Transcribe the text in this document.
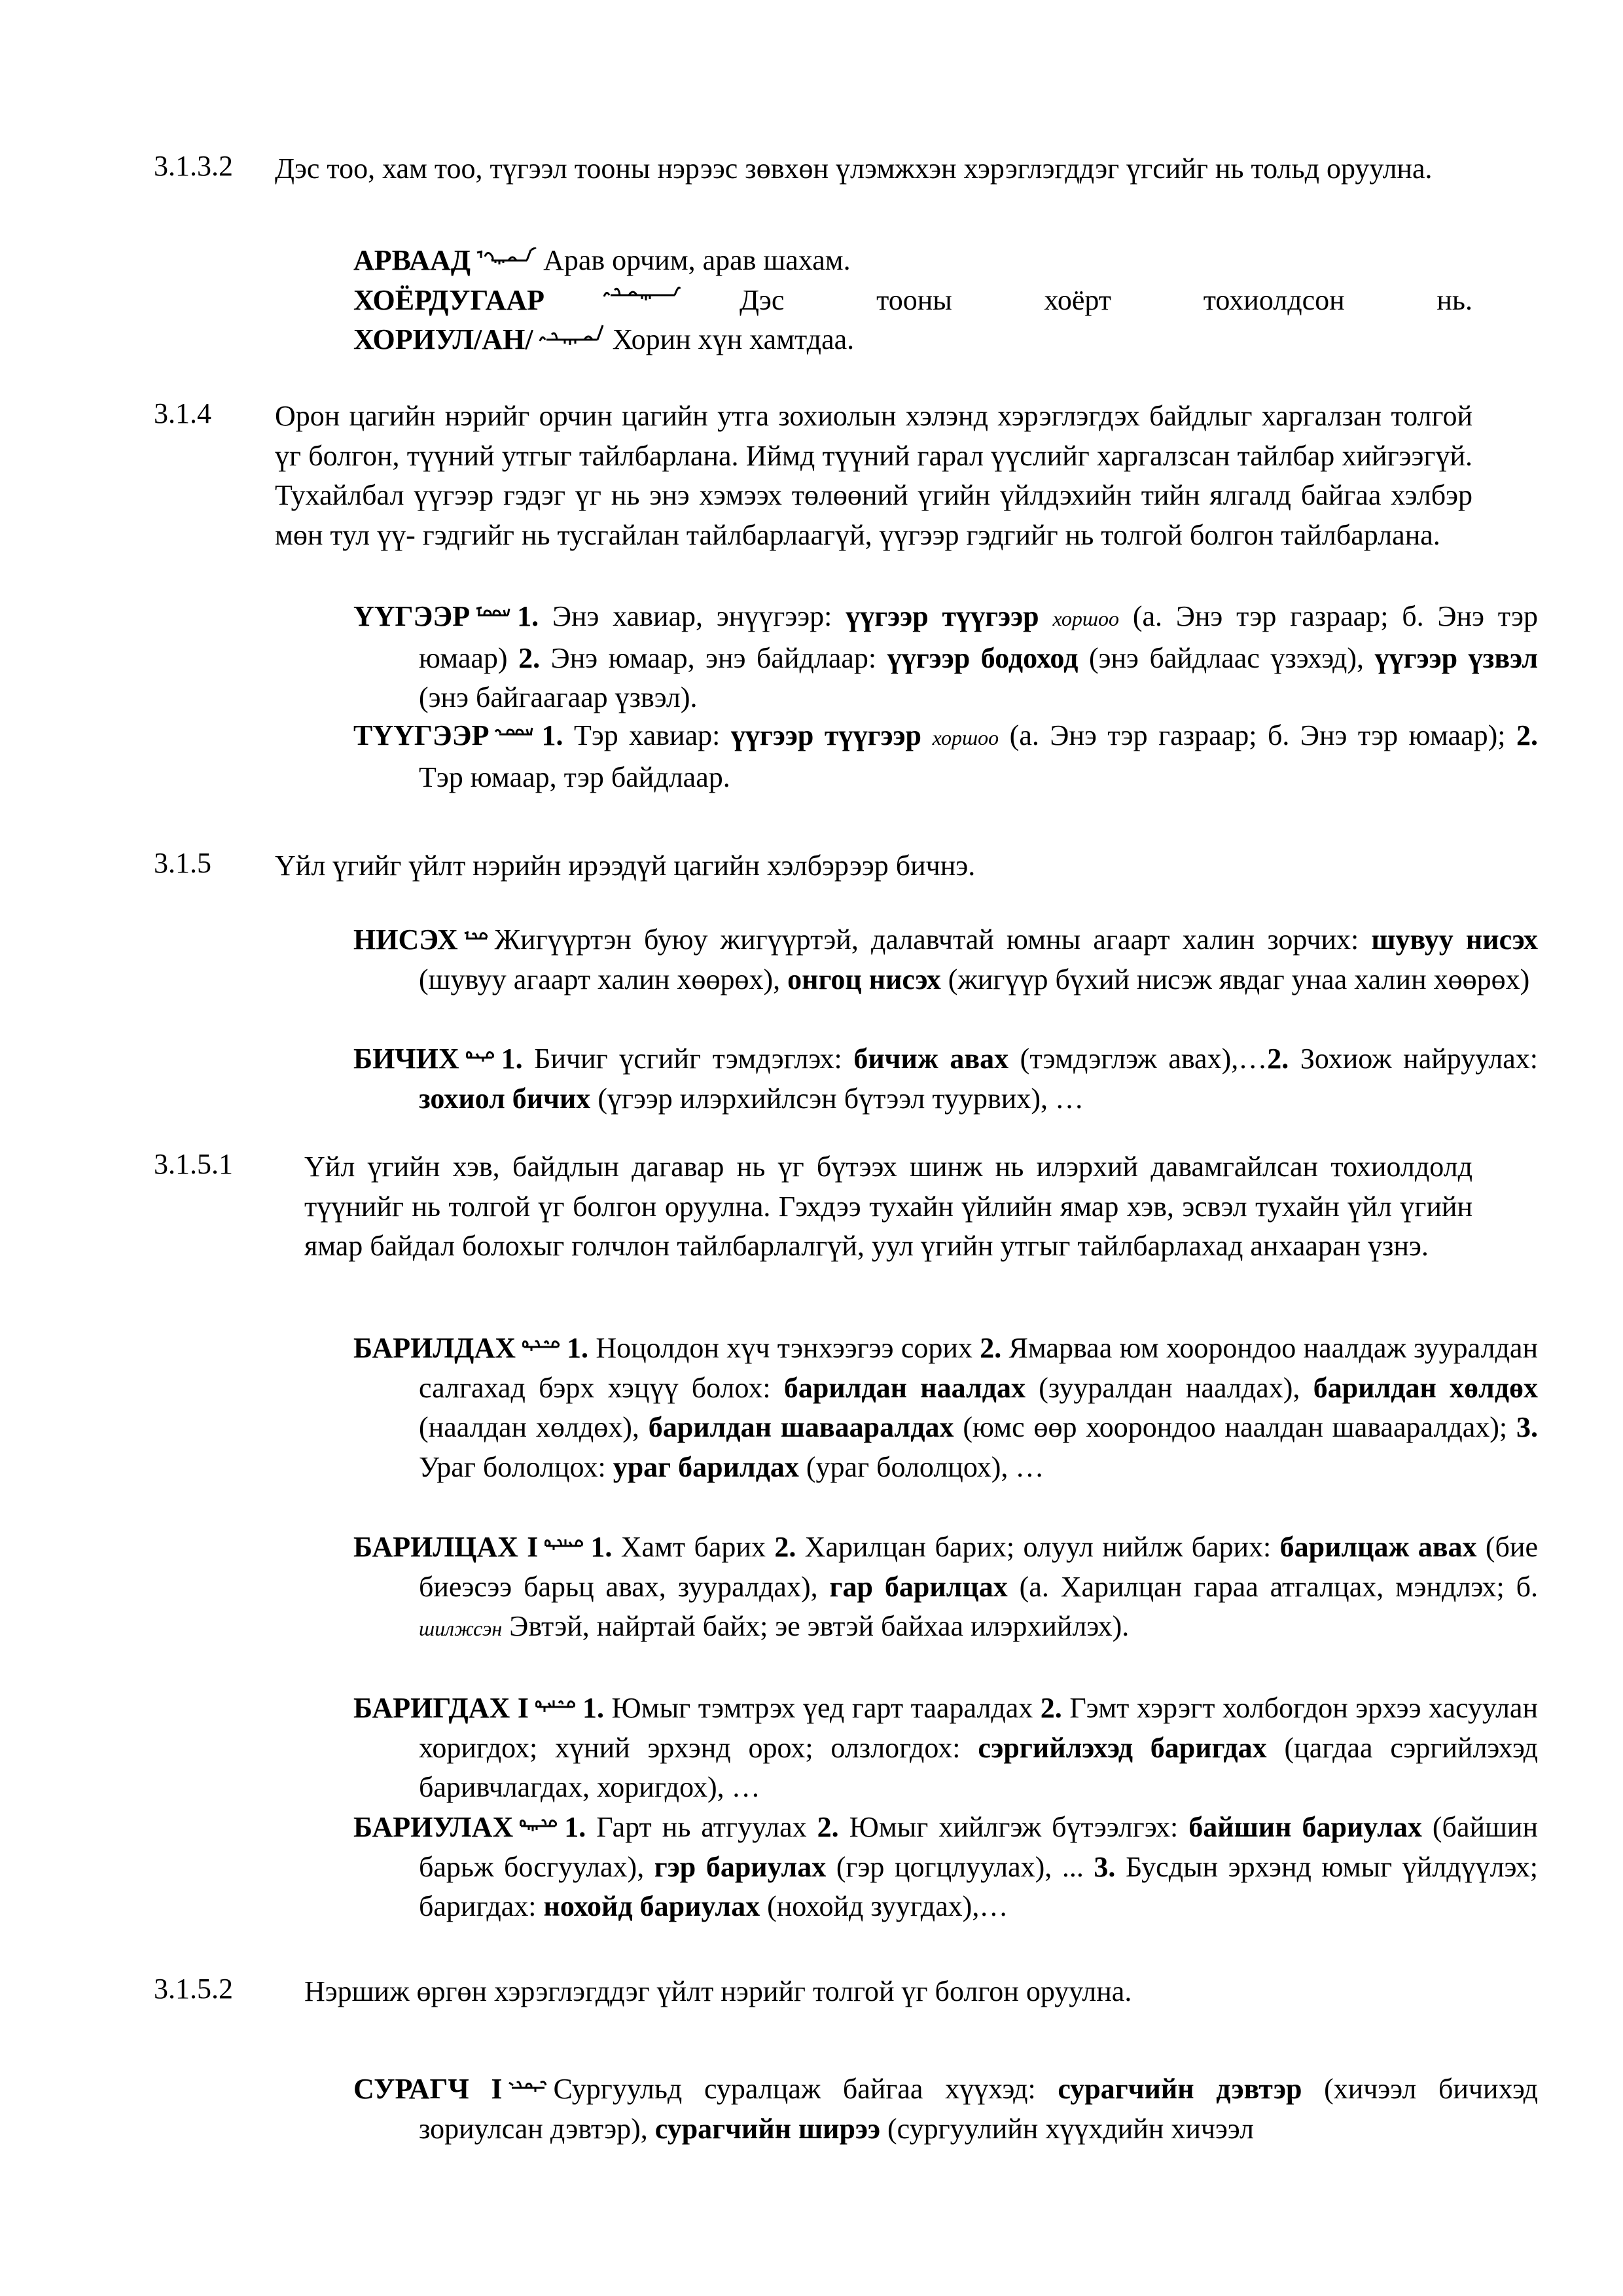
3.1.3.2 Дэс тоо, хам тоо, түгээл тооны нэрээс зөвхөн үлэмжхэн хэрэглэгддэг үгсийг нь тольд оруулна.
АРВААД	Арав орчим, арав шахам.
ХОЁРДУГААР	Дэс	тооны	хоёрт	тохиолдсон	нь.
ХОРИУЛ/АН/	Хорин хүн хамтдаа.
3.1.4 Орон цагийн нэрийг орчин цагийн утга зохиолын хэлэнд хэрэглэгдэх байдлыг харгалзан толгой үг болгон, түүний утгыг тайлбарлана. Иймд түүний гарал үүслийг харгалзсан тайлбар хийгээгүй. Тухайлбал үүгээр гэдэг үг нь энэ хэмээх төлөөний үгийн үйлдэхийн тийн ялгалд байгаа хэлбэр мөн тул үү- гэдгийг нь тусгайлан тайлбарлаагүй, үүгээр гэдгийг нь толгой болгон тайлбарлана.
ҮҮГЭЭР 1. Энэ хавиар, энүүгээр: үүгээр түүгээр хоршоо (а. Энэ тэр газраар; б. Энэ тэр юмаар) 2. Энэ юмаар, энэ байдлаар: үүгээр бодоход (энэ байдлаас үзэхэд), үүгээр үзвэл (энэ байгаагаар үзвэл).
ТҮҮГЭЭР 1. Тэр хавиар: үүгээр түүгээр хоршоо (а. Энэ тэр газраар; б. Энэ тэр юмаар); 2. Тэр юмаар, тэр байдлаар.
3.1.5 Үйл үгийг үйлт нэрийн ирээдүй цагийн хэлбэрээр бичнэ.
НИСЭХ Жигүүртэн буюу жигүүртэй, далавчтай юмны агаарт халин зорчих: шувуу нисэх (шувуу агаарт халин хөөрөх), онгоц нисэх (жигүүр бүхий нисэж явдаг унаа халин хөөрөх)
БИЧИХ 1. Бичиг үсгийг тэмдэглэх: бичиж авах (тэмдэглэж авах),…2. Зохиож найруулах: зохиол бичих (үгээр илэрхийлсэн бүтээл туурвих), …
3.1.5.1 Үйл үгийн хэв, байдлын дагавар нь үг бүтээх шинж нь илэрхий давамгайлсан тохиолдолд түүнийг нь толгой үг болгон оруулна. Гэхдээ тухайн үйлийн ямар хэв, эсвэл тухайн үйл үгийн ямар байдал болохыг голчлон тайлбарлалгүй, уул үгийн утгыг тайлбарлахад анхааран үзнэ.
БАРИЛДАХ 1. Ноцолдон хүч тэнхээгээ сорих 2. Ямарваа юм хоорондоо наалдаж зууралдан салгахад бэрх хэцүү болох: барилдан наалдах (зууралдан наалдах), барилдан хөлдөх (наалдан хөлдөх), барилдан шавааралдах (юмс өөр хоорондоо наалдан шавааралдах); 3. Ураг бололцох: ураг барилдах (ураг бололцох), …
БАРИЛЦАХ I 1. Хамт барих 2. Харилцан барих; олуул нийлж барих: барилцаж авах (бие биеэсээ барьц авах, зууралдах), гар барилцах (а. Харилцан гараа атгалцах, мэндлэх; б. шилжсэн Эвтэй, найртай байх; эе эвтэй байхаа илэрхийлэх).
БАРИГДАХ I 1. Юмыг тэмтрэх үед гарт тааралдах 2. Гэмт хэрэгт холбогдон эрхээ хасуулан хоригдох; хүний эрхэнд орох; олзлогдох: сэргийлэхэд баригдах (цагдаа сэргийлэхэд баривчлагдах, хоригдох), …
БАРИУЛАХ 1. Гарт нь атгуулах 2. Юмыг хийлгэж бүтээлгэх: байшин бариулах (байшин барьж босгуулах), гэр бариулах (гэр цогцлуулах), ... 3. Бусдын эрхэнд юмыг үйлдүүлэх; баригдах: нохойд бариулах (нохойд зуугдах),…
3.1.5.2 Нэршиж өргөн хэрэглэгддэг үйлт нэрийг толгой үг болгон оруулна.
СУРАГЧ I Сургуульд суралцаж байгаа хүүхэд: сурагчийн дэвтэр (хичээл бичихэд зориулсан дэвтэр), сурагчийн ширээ (сургуулийн хүүхдийн хичээл
